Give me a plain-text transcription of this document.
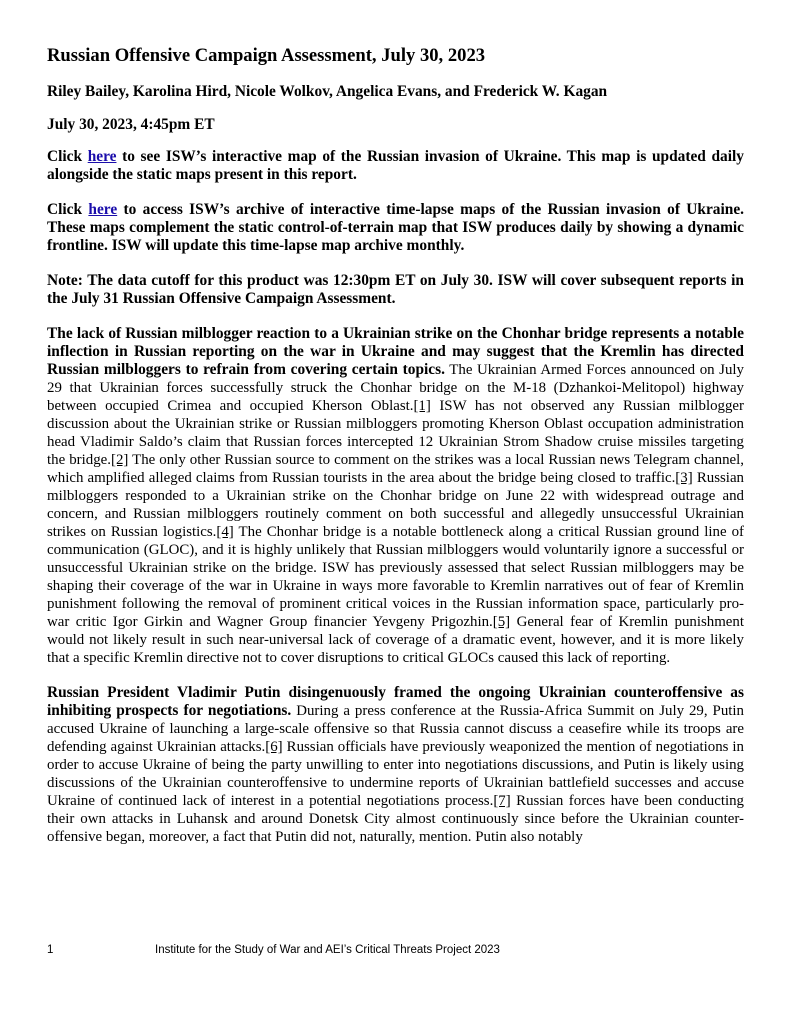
Russian Offensive Campaign Assessment, July 30, 2023
Riley Bailey, Karolina Hird, Nicole Wolkov, Angelica Evans, and Frederick W. Kagan
July 30, 2023, 4:45pm ET
Click here to see ISW’s interactive map of the Russian invasion of Ukraine. This map is updated daily alongside the static maps present in this report.
Click here to access ISW’s archive of interactive time-lapse maps of the Russian invasion of Ukraine. These maps complement the static control-of-terrain map that ISW produces daily by showing a dynamic frontline. ISW will update this time-lapse map archive monthly.
Note: The data cutoff for this product was 12:30pm ET on July 30. ISW will cover subsequent reports in the July 31 Russian Offensive Campaign Assessment.
The lack of Russian milblogger reaction to a Ukrainian strike on the Chonhar bridge represents a notable inflection in Russian reporting on the war in Ukraine and may suggest that the Kremlin has directed Russian milbloggers to refrain from covering certain topics. The Ukrainian Armed Forces announced on July 29 that Ukrainian forces successfully struck the Chonhar bridge on the M-18 (Dzhankoi-Melitopol) highway between occupied Crimea and occupied Kherson Oblast.[1] ISW has not observed any Russian milblogger discussion about the Ukrainian strike or Russian milbloggers promoting Kherson Oblast occupation administration head Vladimir Saldo’s claim that Russian forces intercepted 12 Ukrainian Strom Shadow cruise missiles targeting the bridge.[2] The only other Russian source to comment on the strikes was a local Russian news Telegram channel, which amplified alleged claims from Russian tourists in the area about the bridge being closed to traffic.[3] Russian milbloggers responded to a Ukrainian strike on the Chonhar bridge on June 22 with widespread outrage and concern, and Russian milbloggers routinely comment on both successful and allegedly unsuccessful Ukrainian strikes on Russian logistics.[4] The Chonhar bridge is a notable bottleneck along a critical Russian ground line of communication (GLOC), and it is highly unlikely that Russian milbloggers would voluntarily ignore a successful or unsuccessful Ukrainian strike on the bridge. ISW has previously assessed that select Russian milbloggers may be shaping their coverage of the war in Ukraine in ways more favorable to Kremlin narratives out of fear of Kremlin punishment following the removal of prominent critical voices in the Russian information space, particularly pro-war critic Igor Girkin and Wagner Group financier Yevgeny Prigozhin.[5] General fear of Kremlin punishment would not likely result in such near-universal lack of coverage of a dramatic event, however, and it is more likely that a specific Kremlin directive not to cover disruptions to critical GLOCs caused this lack of reporting.
Russian President Vladimir Putin disingenuously framed the ongoing Ukrainian counteroffensive as inhibiting prospects for negotiations. During a press conference at the Russia-Africa Summit on July 29, Putin accused Ukraine of launching a large-scale offensive so that Russia cannot discuss a ceasefire while its troops are defending against Ukrainian attacks.[6] Russian officials have previously weaponized the mention of negotiations in order to accuse Ukraine of being the party unwilling to enter into negotiations discussions, and Putin is likely using discussions of the Ukrainian counteroffensive to undermine reports of Ukrainian battlefield successes and accuse Ukraine of continued lack of interest in a potential negotiations process.[7] Russian forces have been conducting their own attacks in Luhansk and around Donetsk City almost continuously since before the Ukrainian counter-offensive began, moreover, a fact that Putin did not, naturally, mention. Putin also notably
1	Institute for the Study of War and AEI’s Critical Threats Project 2023
